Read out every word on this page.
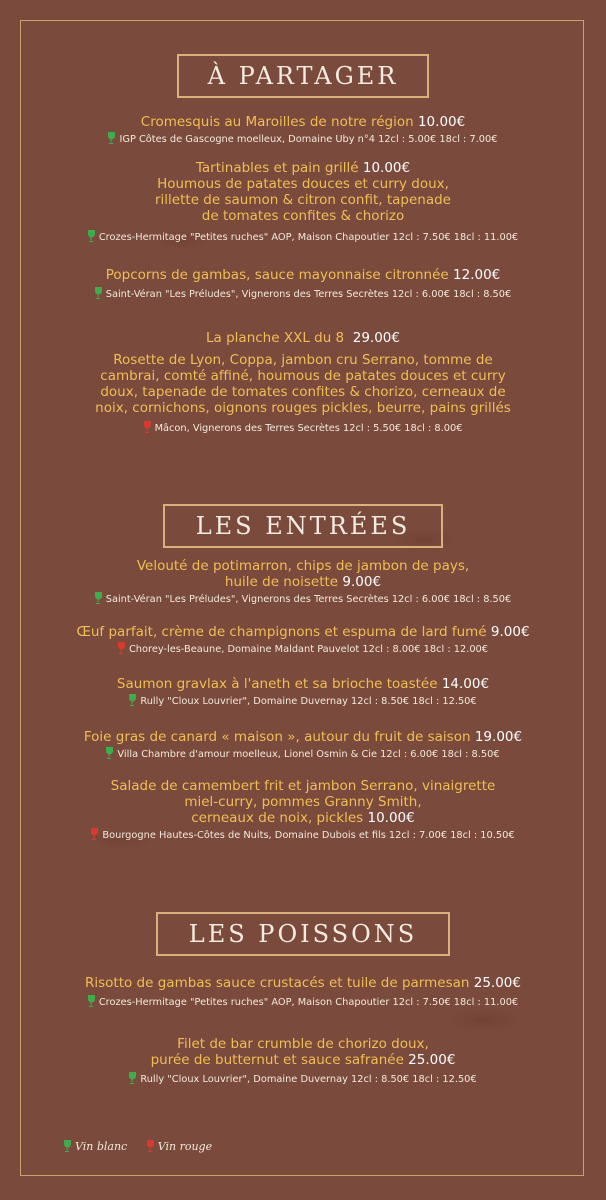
À PARTAGER
Cromesquis au Maroilles de notre région 10.00€
IGP Côtes de Gascogne moelleux, Domaine Uby n°4 12cl : 5.00€ 18cl : 7.00€
Tartinables et pain grillé 10.00€
Houmous de patates douces et curry doux,
rillette de saumon & citron confit, tapenade
de tomates confites & chorizo
Crozes-Hermitage "Petites ruches" AOP, Maison Chapoutier 12cl : 7.50€ 18cl : 11.00€
Popcorns de gambas, sauce mayonnaise citronnée 12.00€
Saint-Véran "Les Préludes", Vignerons des Terres Secrètes 12cl : 6.00€ 18cl : 8.50€
La planche XXL du 8 29.00€
Rosette de Lyon, Coppa, jambon cru Serrano, tomme de
cambrai, comté affiné, houmous de patates douces et curry
doux, tapenade de tomates confites & chorizo, cerneaux de
noix, cornichons, oignons rouges pickles, beurre, pains grillés
Mâcon, Vignerons des Terres Secrètes 12cl : 5.50€ 18cl : 8.00€
LES ENTRÉES
Velouté de potimarron, chips de jambon de pays,
huile de noisette 9.00€
Saint-Véran "Les Préludes", Vignerons des Terres Secrètes 12cl : 6.00€ 18cl : 8.50€
Œuf parfait, crème de champignons et espuma de lard fumé 9.00€
Chorey-les-Beaune, Domaine Maldant Pauvelot 12cl : 8.00€ 18cl : 12.00€
Saumon gravlax à l'aneth et sa brioche toastée 14.00€
Rully "Cloux Louvrier", Domaine Duvernay 12cl : 8.50€ 18cl : 12.50€
Foie gras de canard « maison », autour du fruit de saison 19.00€
Villa Chambre d'amour moelleux, Lionel Osmin & Cie 12cl : 6.00€ 18cl : 8.50€
Salade de camembert frit et jambon Serrano, vinaigrette
miel-curry, pommes Granny Smith,
cerneaux de noix, pickles 10.00€
Bourgogne Hautes-Côtes de Nuits, Domaine Dubois et fils 12cl : 7.00€ 18cl : 10.50€
LES POISSONS
Risotto de gambas sauce crustacés et tuile de parmesan 25.00€
Crozes-Hermitage "Petites ruches" AOP, Maison Chapoutier 12cl : 7.50€ 18cl : 11.00€
Filet de bar crumble de chorizo doux,
purée de butternut et sauce safranée 25.00€
Rully "Cloux Louvrier", Domaine Duvernay 12cl : 8.50€ 18cl : 12.50€
Vin blanc	Vin rouge
